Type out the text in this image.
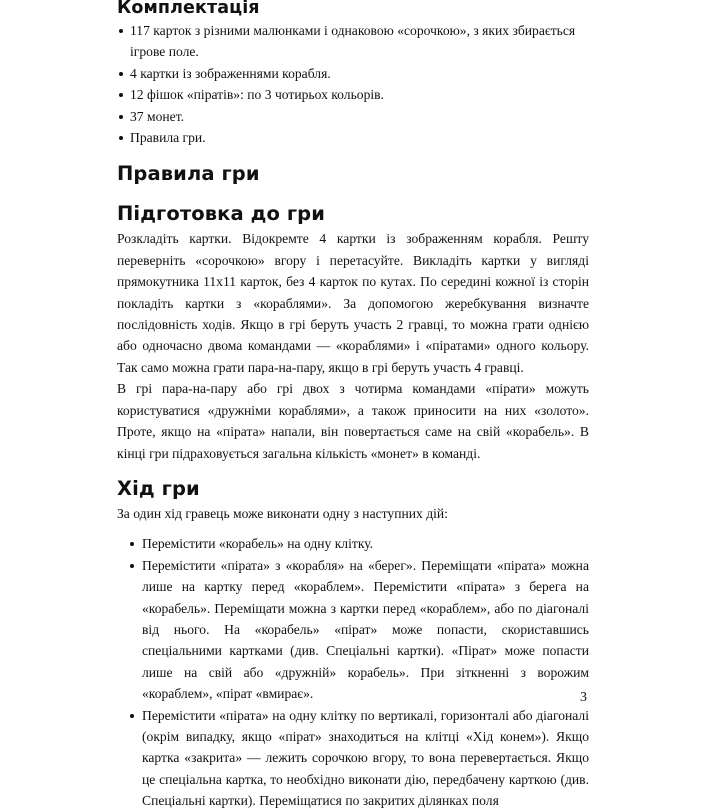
Комплектація
117 карток з різними малюнками і однаковою «сорочкою», з яких збирається ігрове поле.
4 картки із зображеннями корабля.
12 фішок «піратів»: по 3 чотирьох кольорів.
37 монет.
Правила гри.
Правила гри
Підготовка до гри

Розкладіть картки. Відокремте 4 картки із зображенням корабля. Решту переверніть «сорочкою» вгору і перетасуйте. Викладіть картки у вигляді прямокутника 11х11 карток, без 4 карток по кутах. По середині кожної із сторін покладіть картки з «кораблями». За допомогою жеребкування визначте послідовність ходів. Якщо в грі беруть участь 2 гравці, то можна грати однією або одночасно двома командами — «кораблями» і «піратами» одного кольору. Так само можна грати пара-на-пару, якщо в грі беруть участь 4 гравці.

В грі пара-на-пару або грі двох з чотирма командами «пірати» можуть користуватися «дружніми кораблями», а також приносити на них «золото». Проте, якщо на «пірата» напали, він повертається саме на свій «корабель». В кінці гри підраховується загальна кількість «монет» в команді.

Хід гри

За один хід гравець може виконати одну з наступних дій:

Перемістити «корабель» на одну клітку.
Перемістити «пірата» з «корабля» на «берег». Переміщати «пірата» можна лише на картку перед «кораблем». Перемістити «пірата» з берега на «корабель». Переміщати можна з картки перед «кораблем», або по діагоналі від нього. На «корабель» «пірат» може попасти, скориставшись спеціальними картками (див. Спеціальні картки). «Пірат» може попасти лише на свій або «дружній» корабель». При зіткненні з ворожим «кораблем», «пірат «вмирає».
Перемістити «пірата» на одну клітку по вертикалі, горизонталі або діагоналі (окрім випадку, якщо «пірат» знаходиться на клітці «Хід конем»). Якщо картка «закрита» — лежить сорочкою вгору, то вона перевертається. Якщо це спеціальна картка, то необхідно виконати дію, передбачену карткою (див. Спеціальні картки). Переміщатися по закритих ділянках поля
3
